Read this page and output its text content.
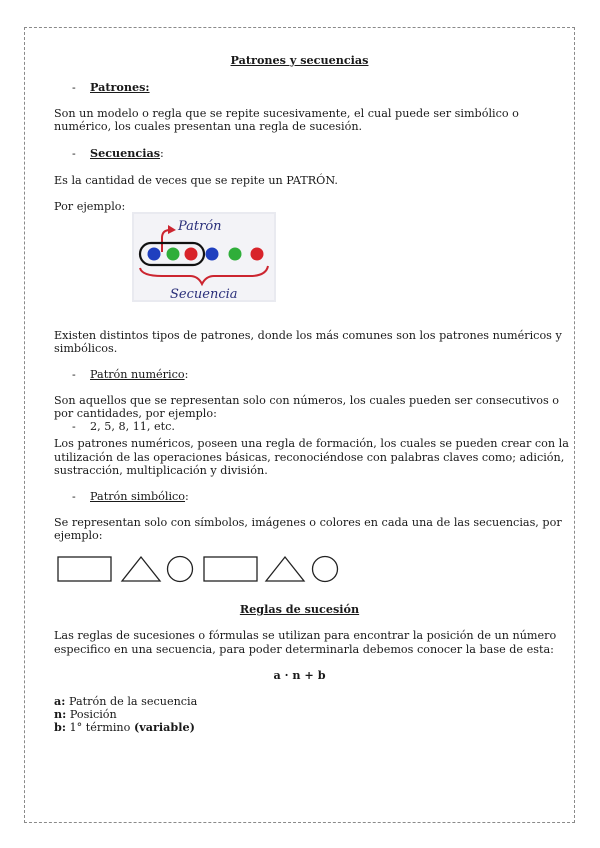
Patrones y secuencias
- Patrones:
Son un modelo o regla que se repite sucesivamente, el cual puede ser simbólico o
numérico, los cuales presentan una regla de sucesión.
- Secuencias:
Es la cantidad de veces que se repite un PATRÓN.
Por ejemplo:
Patrón
Secuencia
Existen distintos tipos de patrones, donde los más comunes son los patrones numéricos y
simbólicos.
- Patrón numérico:
Son aquellos que se representan solo con números, los cuales pueden ser consecutivos o
por cantidades, por ejemplo:
- 2, 5, 8, 11, etc.
Los patrones numéricos, poseen una regla de formación, los cuales se pueden crear con la
utilización de las operaciones básicas, reconociéndose con palabras claves como; adición,
sustracción, multiplicación y división.
- Patrón simbólico:
Se representan solo con símbolos, imágenes o colores en cada una de las secuencias, por
ejemplo:
Reglas de sucesión
Las reglas de sucesiones o fórmulas se utilizan para encontrar la posición de un número
especifico en una secuencia, para poder determinarla debemos conocer la base de esta:
a · n + b
a: Patrón de la secuencia
n: Posición
b: 1° término (variable)
